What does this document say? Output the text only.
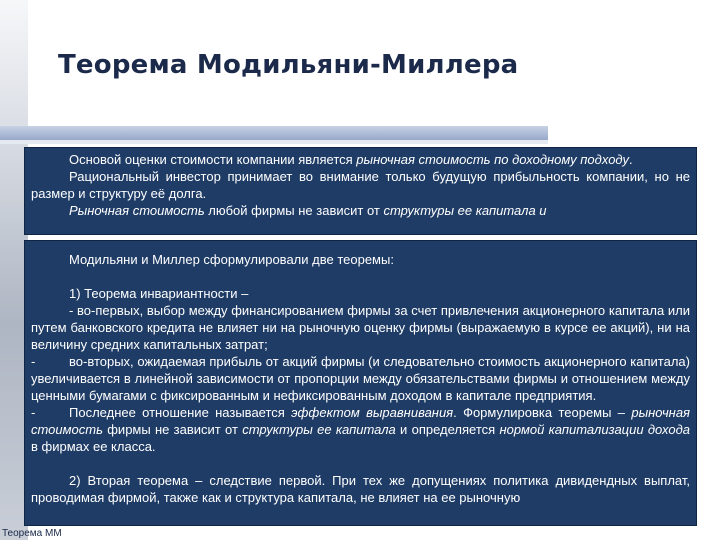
Теорема Модильяни-Миллера

Основой оценки стоимости компании является рыночная стоимость по доходному подходу.

Рациональный инвестор принимает во внимание только будущую прибыльность компании, но не размер и структуру её долга.

Рыночная стоимость любой фирмы не зависит от структуры ее капитала и

Модильяни и Миллер сформулировали две теоремы:

1) Теорема инвариантности –

- во-первых, выбор между финансированием фирмы за счет привлечения акционерного капитала или путем банковского кредита не влияет ни на рыночную оценку фирмы (выражаемую в курсе ее акций), ни на величину средних капитальных затрат;

-	во-вторых, ожидаемая прибыль от акций фирмы (и следовательно стоимость акционерного капитала) увеличивается в линейной зависимости от пропорции между обязательствами фирмы и отношением между ценными бумагами с фиксированным и нефиксированным доходом в капитале предприятия.

-	Последнее отношение называется эффектом выравнивания. Формулировка теоремы – рыночная стоимость фирмы не зависит от структуры ее капитала и определяется нормой капитализации дохода в фирмах ее класса.

2) Вторая теорема – следствие первой. При тех же допущениях политика дивидендных выплат, проводимая фирмой, также как и структура капитала, не влияет на ее рыночную

Теорема ММ
